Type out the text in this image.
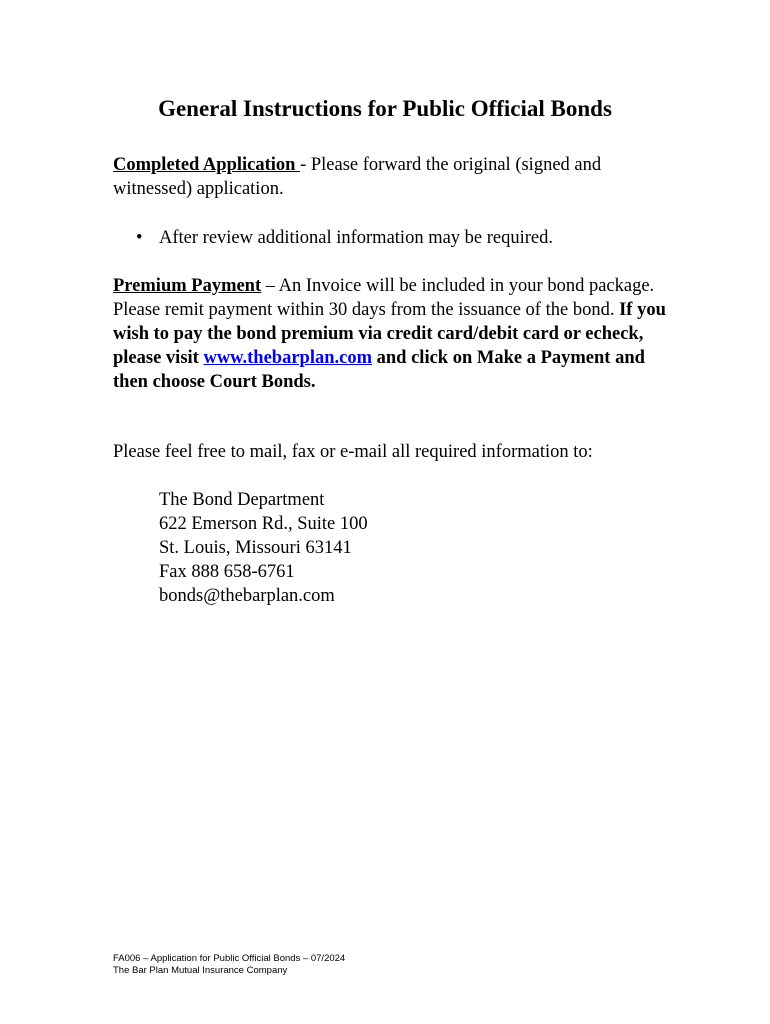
General Instructions for Public Official Bonds

Completed Application - Please forward the original (signed and witnessed) application.

• After review additional information may be required.

Premium Payment – An Invoice will be included in your bond package. Please remit payment within 30 days from the issuance of the bond. If you wish to pay the bond premium via credit card/debit card or echeck, please visit www.thebarplan.com and click on Make a Payment and then choose Court Bonds.

Please feel free to mail, fax or e-mail all required information to:

The Bond Department
622 Emerson Rd., Suite 100
St. Louis, Missouri 63141
Fax 888 658-6761
bonds@thebarplan.com
FA006 – Application for Public Official Bonds – 07/2024
The Bar Plan Mutual Insurance Company
